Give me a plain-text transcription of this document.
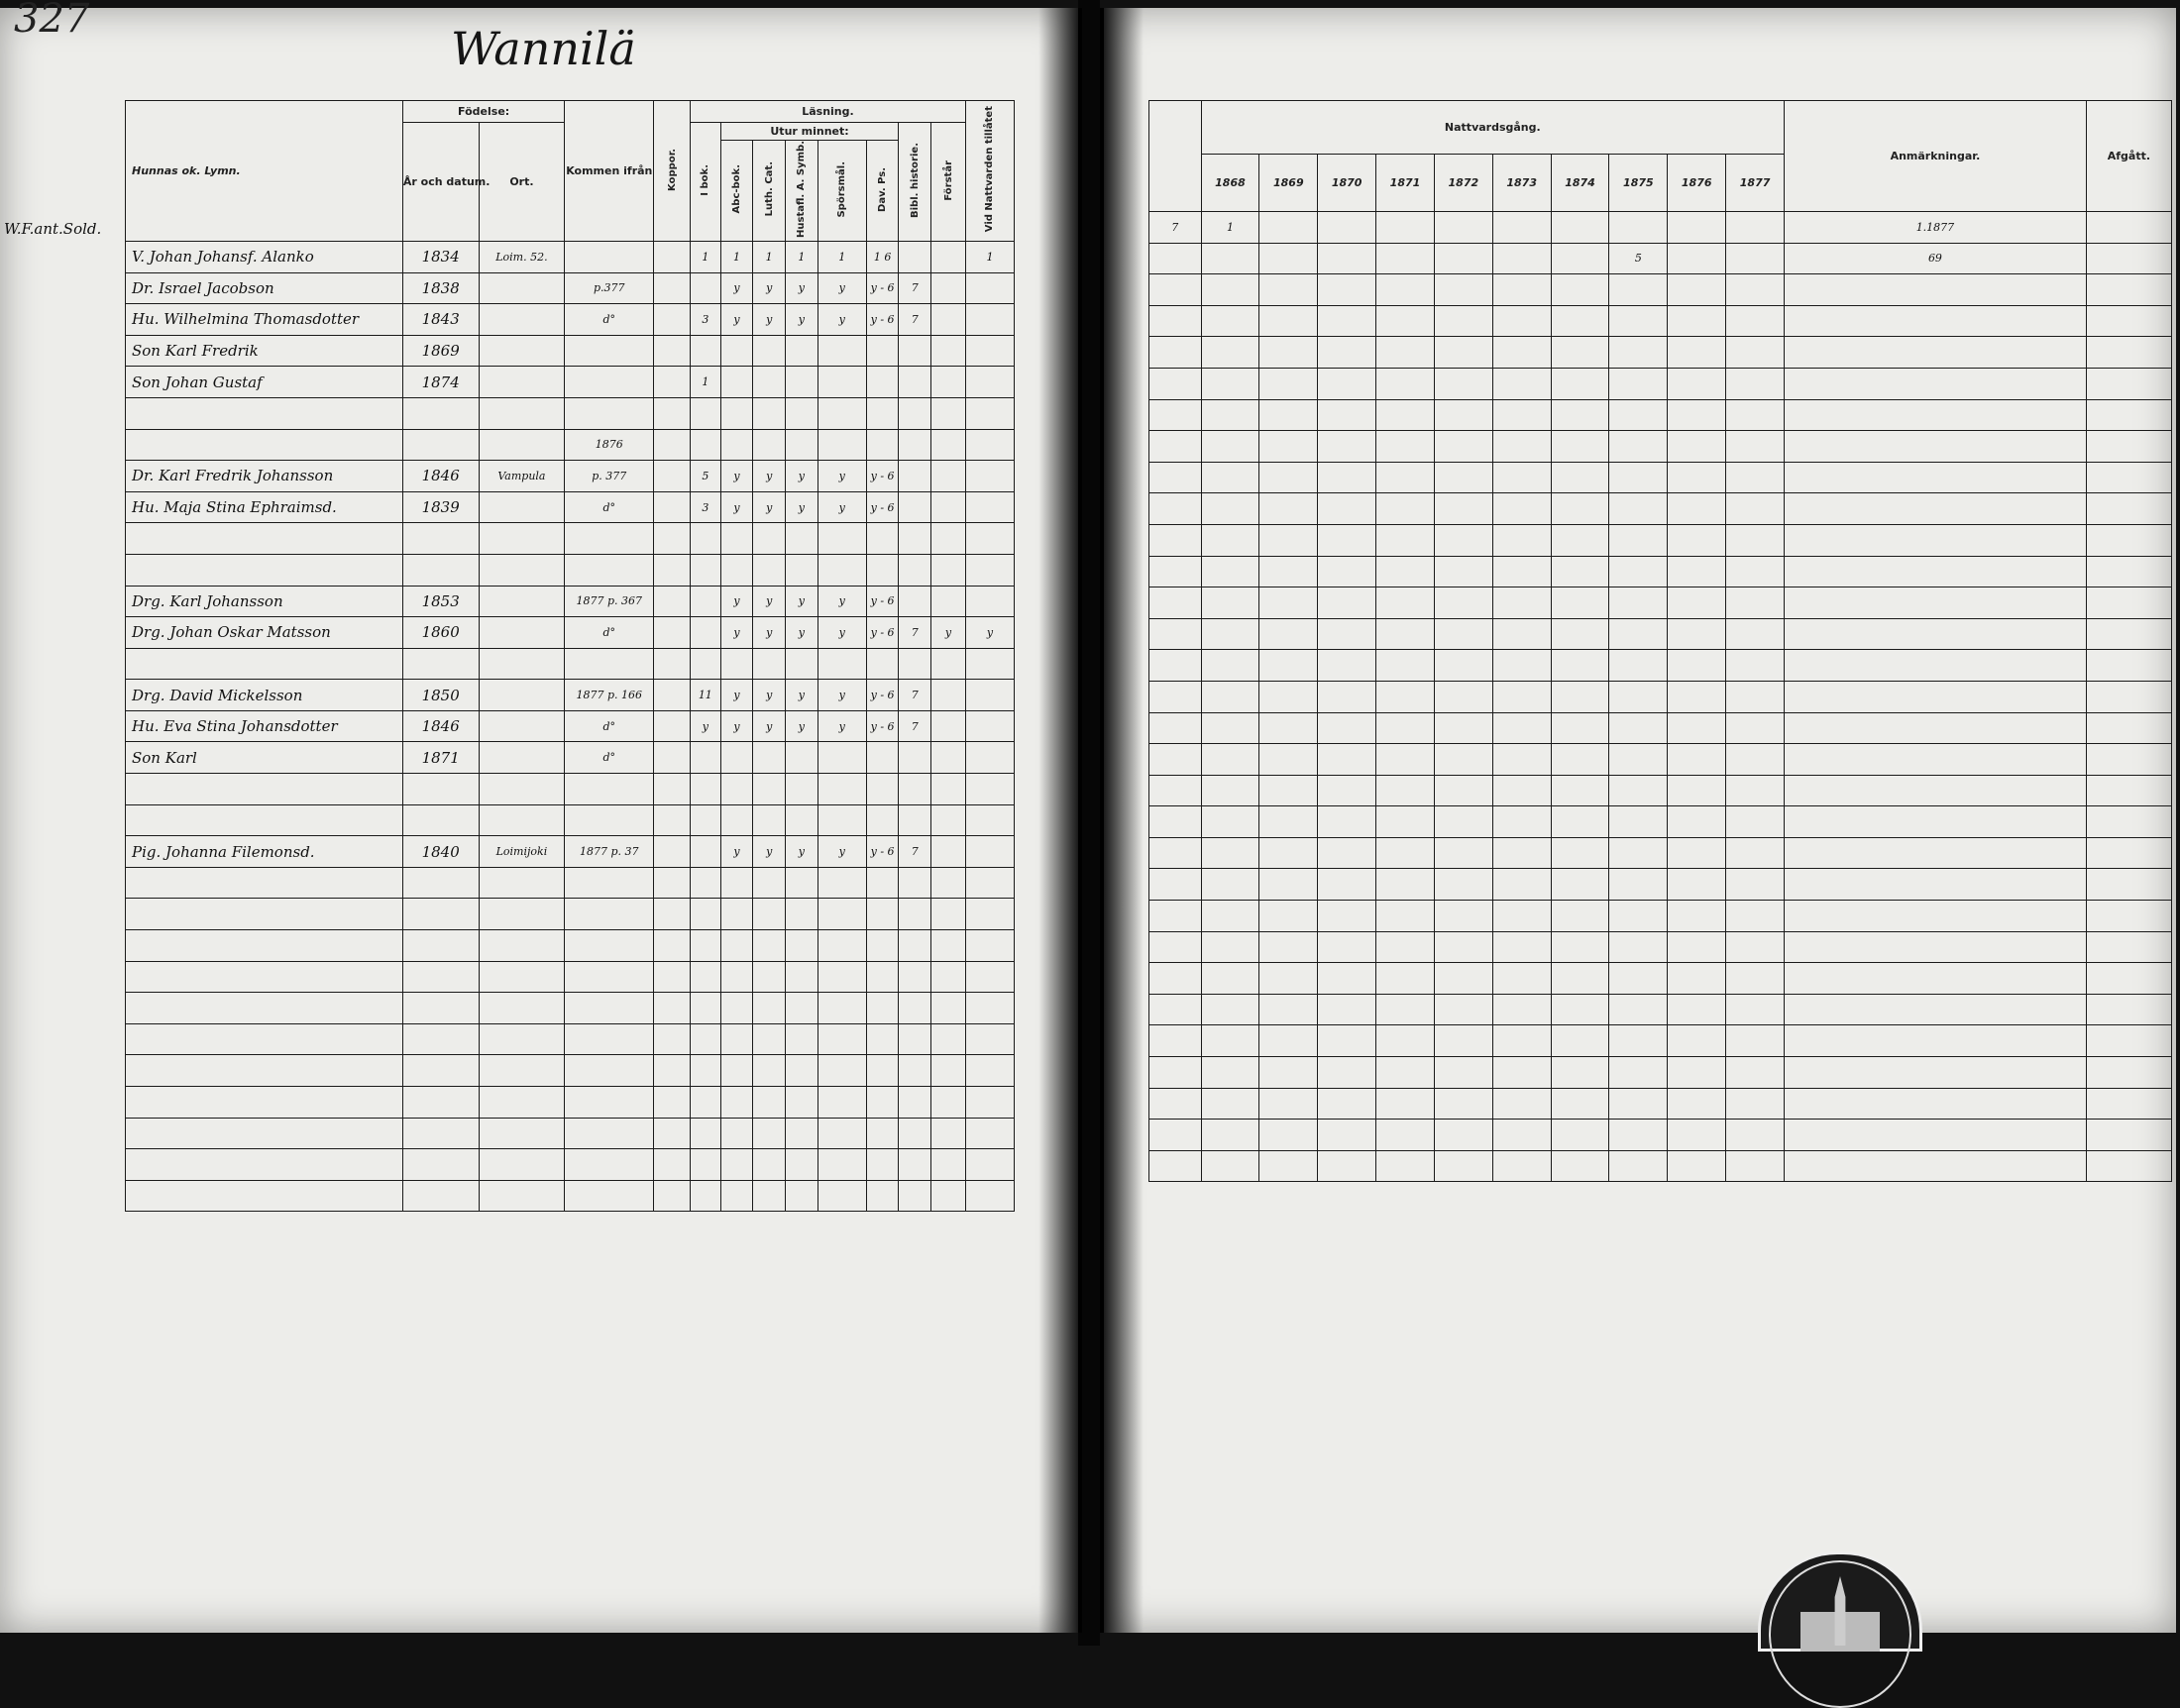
327
Wannilä
W.F.ant.Sold.
Hunnas ok. Lymn.	Födelse:		Kommen ifrån	Koppor.	Läsning.								Vid Nattvarden tillåtet
	År och datum.	Ort.			I bok.	Utur minnet:					Bibl. historie.	Förstår	
						Abc-bok.	Luth. Cat.	Hustafl. A. Symb.	Spörsmål.	Dav. Ps.			
V. Johan Johansf. Alanko	1834	Loim. 52.			1	1	1	1	1	1 6			1
Dr. Israel Jacobson	1838		p.377			y	y	y	y	y - 6	7		
Hu. Wilhelmina Thomasdotter	1843		d°		3	y	y	y	y	y - 6	7		
Son Karl Fredrik	1869												
Son Johan Gustaf	1874				1								

			1876										
Dr. Karl Fredrik Johansson	1846	Vampula	p. 377		5	y	y	y	y	y - 6			
Hu. Maja Stina Ephraimsd.	1839		d°		3	y	y	y	y	y - 6			

Drg. Karl Johansson	1853		1877 p. 367			y	y	y	y	y - 6			
Drg. Johan Oskar Matsson	1860		d°			y	y	y	y	y - 6	7	y	y

Drg. David Mickelsson	1850		1877 p. 166		11	y	y	y	y	y - 6	7		
Hu. Eva Stina Johansdotter	1846		d°		y	y	y	y	y	y - 6	7		
Son Karl	1871		d°										

Pig. Johanna Filemonsd.	1840	Loimijoki	1877 p. 37			y	y	y	y	y - 6	7		

	Nattvardsgång.										Anmärkningar.	Afgått.
	1868	1869	1870	1871	1872	1873	1874	1875	1876	1877		
7	1										1.1877	
								5			69	
